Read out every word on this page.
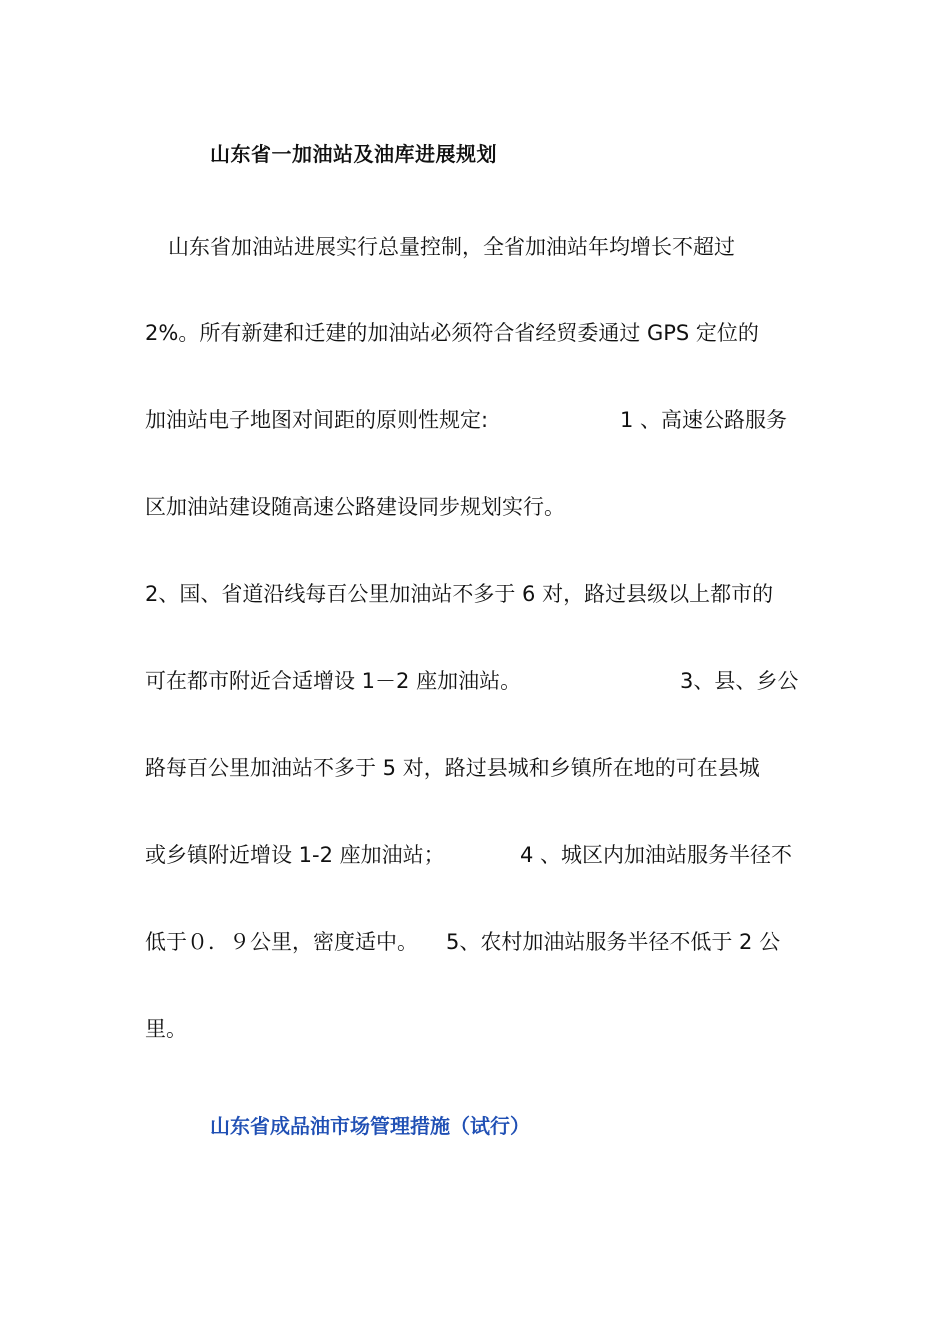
山东省一加油站及油库进展规划
山东省加油站进展实行总量控制，全省加油站年均增长不超过
2%。所有新建和迁建的加油站必须符合省经贸委通过 GPS 定位的
加油站电子地图对间距的原则性规定:	1 、高速公路服务
区加油站建设随高速公路建设同步规划实行。
2、国、省道沿线每百公里加油站不多于 6 对，路过县级以上都市的
可在都市附近合适增设 1－2 座加油站。	3、县、乡公
路每百公里加油站不多于 5 对，路过县城和乡镇所在地的可在县城
或乡镇附近增设 1-2 座加油站；	4 、城区内加油站服务半径不
低于０．９公里，密度适中。 5、农村加油站服务半径不低于 2 公
里。
山东省成品油市场管理措施（试行）
